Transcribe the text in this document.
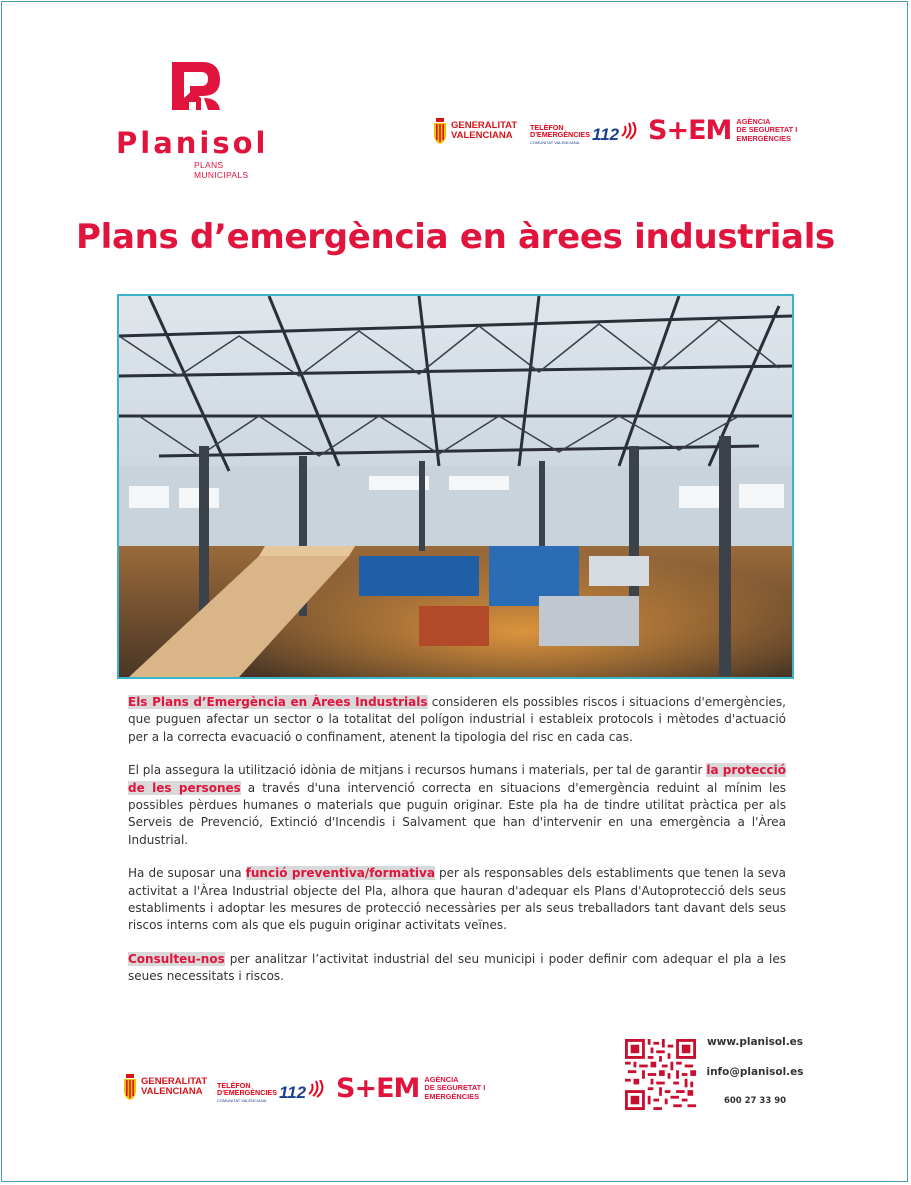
Planisol

PLANS MUNICIPALS
GENERALITAT
VALENCIANA
TELÈFON
D'EMERGÈNCIES
COMUNITAT VALENCIANA 112 S+EM AGÈNCIA
DE SEGURETAT I
EMERGÈNCIES
Plans d’emergència en àrees industrials

Els Plans d’Emergència en Àrees Industrials consideren els possibles riscos i situacions d'emergències, que puguen afectar un sector o la totalitat del polígon industrial i estableix protocols i mètodes d'actuació per a la correcta evacuació o confinament, atenent la tipologia del risc en cada cas.

El pla assegura la utilització idònia de mitjans i recursos humans i materials, per tal de garantir la protecció de les persones a través d'una intervenció correcta en situacions d'emergència reduint al mínim les possibles pèrdues humanes o materials que puguin originar. Este pla ha de tindre utilitat pràctica per als Serveis de Prevenció, Extinció d'Incendis i Salvament que han d'intervenir en una emergència a l'Àrea Industrial.

Ha de suposar una funció preventiva/formativa per als responsables dels establiments que tenen la seva activitat a l'Àrea Industrial objecte del Pla, alhora que hauran d'adequar els Plans d'Autoprotecció dels seus establiments i adoptar les mesures de protecció necessàries per als seus treballadors tant davant dels seus riscos interns com als que els puguin originar activitats veïnes.

Consulteu-nos per analitzar l’activitat industrial del seu municipi i poder definir com adequar el pla a les seues necessitats i riscos.

GENERALITAT
VALENCIANA
TELÈFON
D'EMERGÈNCIES
COMUNITAT VALENCIANA 112 S+EM AGÈNCIA
DE SEGURETAT I
EMERGÈNCIES

www.planisol.es

info@planisol.es

600 27 33 90
